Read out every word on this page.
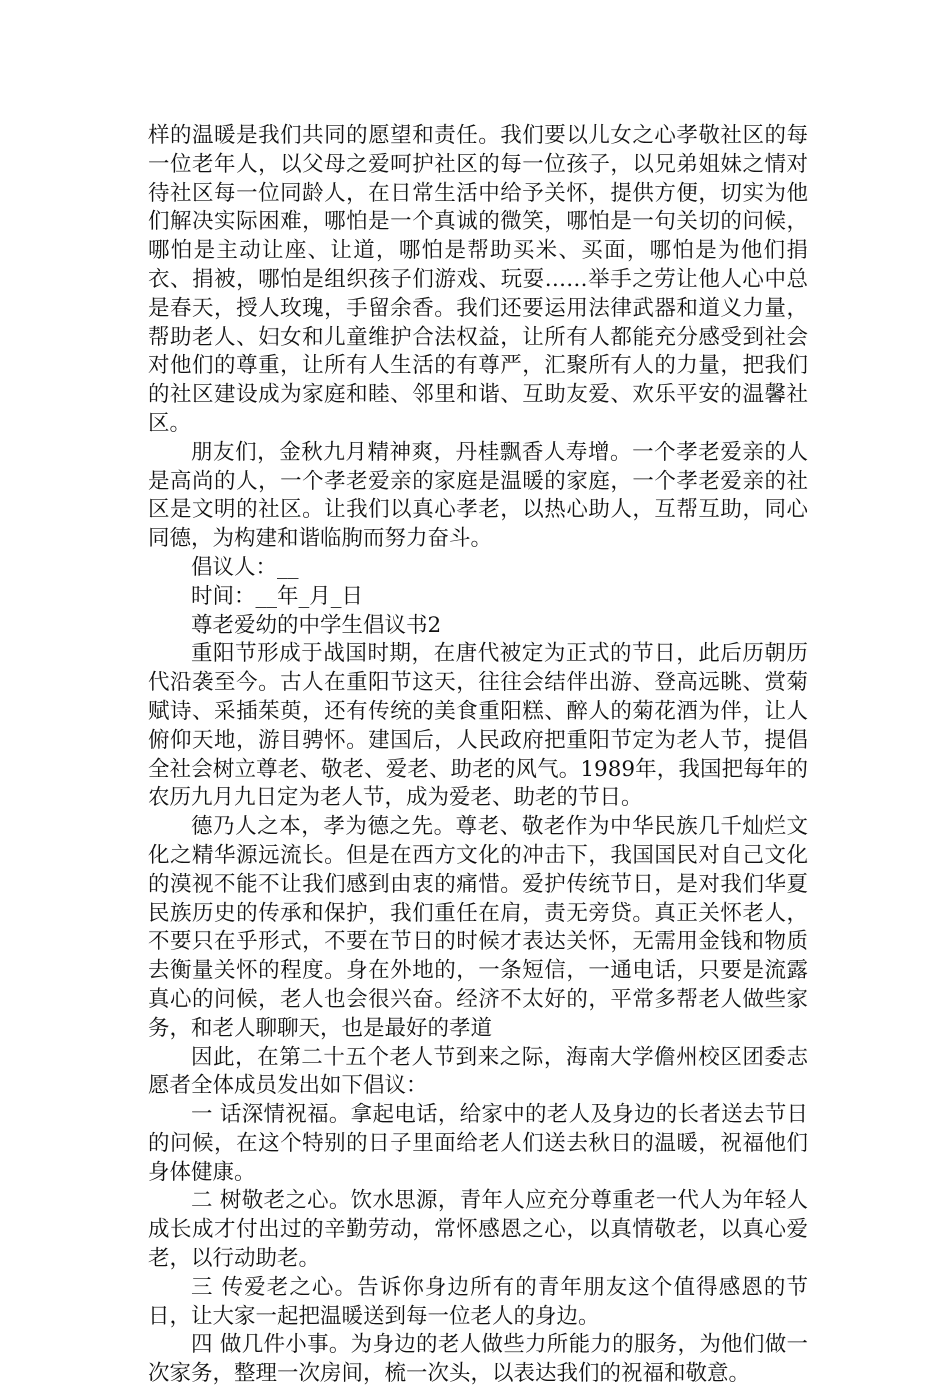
样的温暖是我们共同的愿望和责任。我们要以儿女之心孝敬社区的每一位老年人，以父母之爱呵护社区的每一位孩子，以兄弟姐妹之情对待社区每一位同龄人，在日常生活中给予关怀，提供方便，切实为他们解决实际困难，哪怕是一个真诚的微笑，哪怕是一句关切的问候，哪怕是主动让座、让道，哪怕是帮助买米、买面，哪怕是为他们捐衣、捐被，哪怕是组织孩子们游戏、玩耍……举手之劳让他人心中总是春天，授人玫瑰，手留余香。我们还要运用法律武器和道义力量，帮助老人、妇女和儿童维护合法权益，让所有人都能充分感受到社会对他们的尊重，让所有人生活的有尊严，汇聚所有人的力量，把我们的社区建设成为家庭和睦、邻里和谐、互助友爱、欢乐平安的温馨社区。

朋友们，金秋九月精神爽，丹桂飘香人寿增。一个孝老爱亲的人是高尚的人，一个孝老爱亲的家庭是温暖的家庭，一个孝老爱亲的社区是文明的社区。让我们以真心孝老，以热心助人，互帮互助，同心同德，为构建和谐临朐而努力奋斗。

倡议人：__

时间：__年_月_日

尊老爱幼的中学生倡议书2

重阳节形成于战国时期，在唐代被定为正式的节日，此后历朝历代沿袭至今。古人在重阳节这天，往往会结伴出游、登高远眺、赏菊赋诗、采插茱萸，还有传统的美食重阳糕、醉人的菊花酒为伴，让人俯仰天地，游目骋怀。建国后，人民政府把重阳节定为老人节，提倡全社会树立尊老、敬老、爱老、助老的风气。1989年，我国把每年的农历九月九日定为老人节，成为爱老、助老的节日。

德乃人之本，孝为德之先。尊老、敬老作为中华民族几千灿烂文化之精华源远流长。但是在西方文化的冲击下，我国国民对自己文化的漠视不能不让我们感到由衷的痛惜。爱护传统节日，是对我们华夏民族历史的传承和保护，我们重任在肩，责无旁贷。真正关怀老人，不要只在乎形式，不要在节日的时候才表达关怀，无需用金钱和物质去衡量关怀的程度。身在外地的，一条短信，一通电话，只要是流露真心的问候，老人也会很兴奋。经济不太好的，平常多帮老人做些家务，和老人聊聊天，也是最好的孝道

因此，在第二十五个老人节到来之际，海南大学儋州校区团委志愿者全体成员发出如下倡议：

一 话深情祝福。拿起电话，给家中的老人及身边的长者送去节日的问候，在这个特别的日子里面给老人们送去秋日的温暖，祝福他们身体健康。

二 树敬老之心。饮水思源，青年人应充分尊重老一代人为年轻人成长成才付出过的辛勤劳动，常怀感恩之心，以真情敬老，以真心爱老，以行动助老。

三 传爱老之心。告诉你身边所有的青年朋友这个值得感恩的节日，让大家一起把温暖送到每一位老人的身边。

四 做几件小事。为身边的老人做些力所能力的服务，为他们做一次家务，整理一次房间，梳一次头，以表达我们的祝福和敬意。
